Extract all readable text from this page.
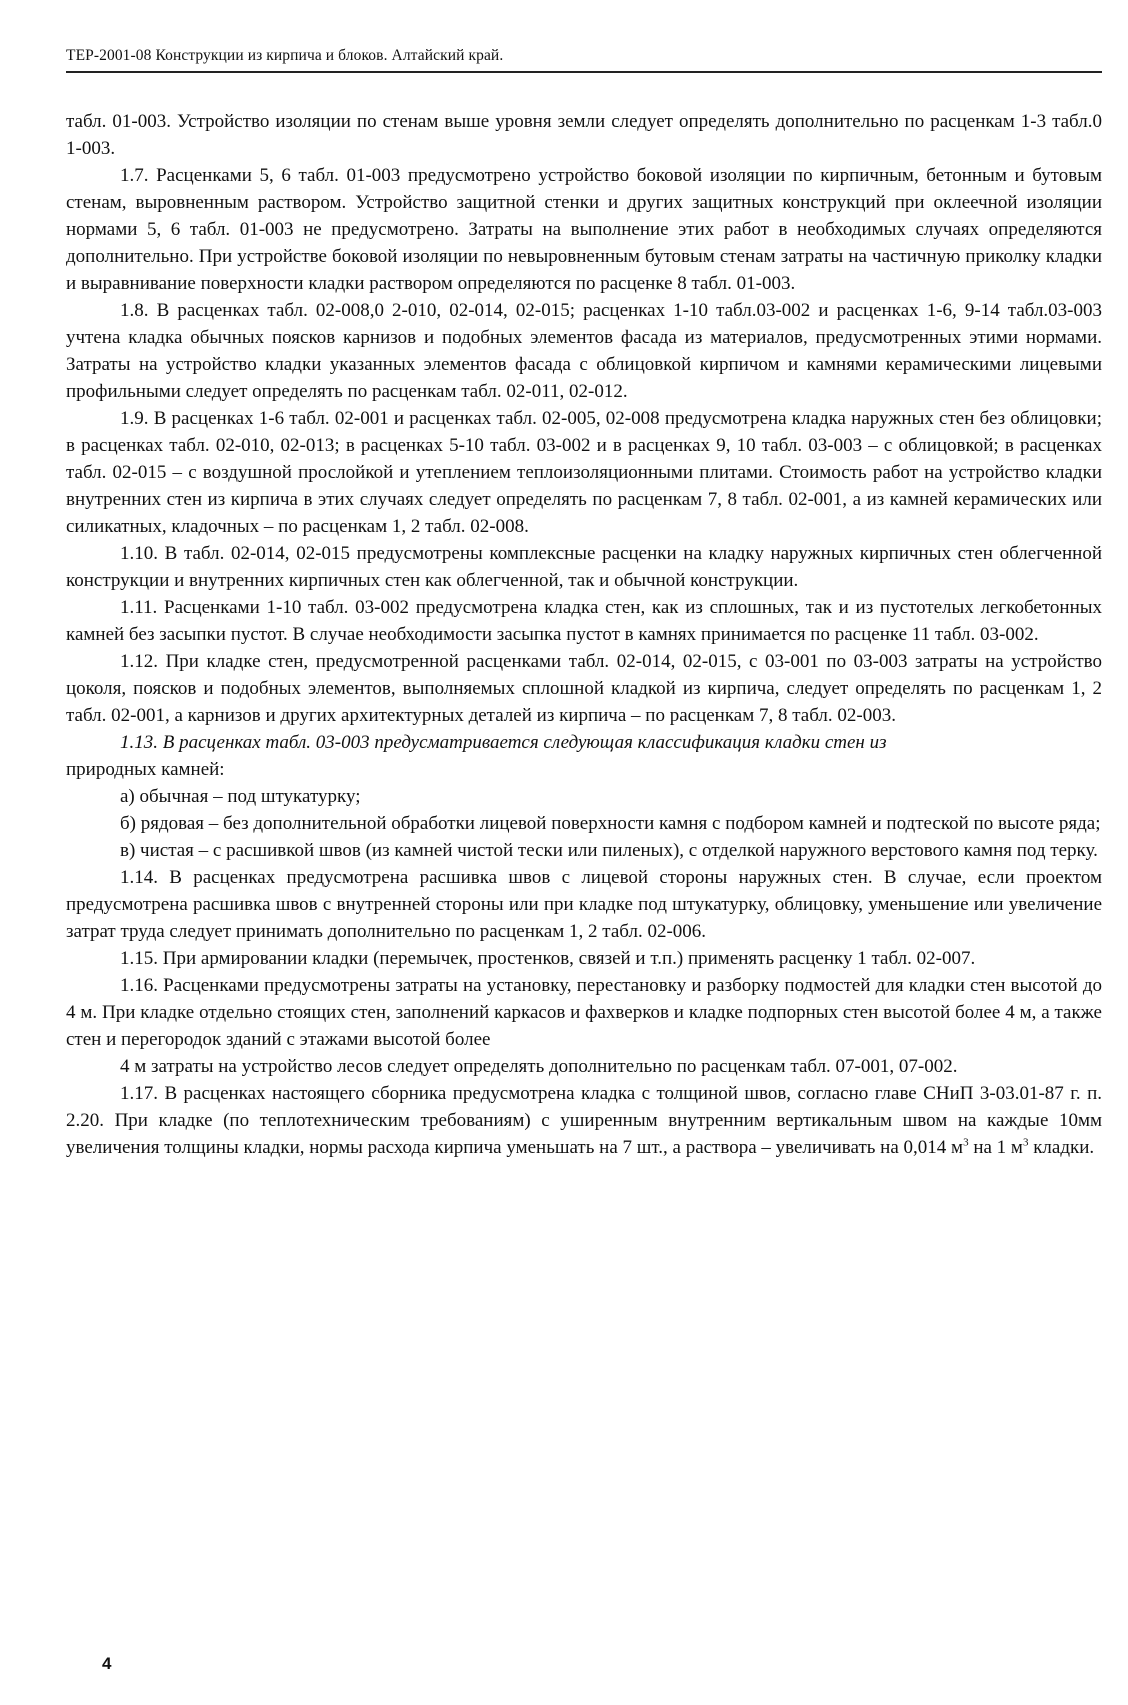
ТЕР-2001-08 Конструкции из кирпича и блоков. Алтайский край.

табл. 01-003. Устройство изоляции по стенам выше уровня земли следует определять дополнительно по расценкам 1-3 табл.0 1-003.

1.7. Расценками 5, 6 табл. 01-003 предусмотрено устройство боковой изоляции по кирпичным, бетонным и бутовым стенам, выровненным раствором. Устройство защитной стенки и других защитных конструкций при оклеечной изоляции нормами 5, 6 табл. 01-003 не предусмотрено. Затраты на выполнение этих работ в необходимых случаях определяются дополнительно. При устройстве боковой изоляции по невыровненным бутовым стенам затраты на частичную приколку кладки и выравнивание поверхности кладки раствором определяются по расценке 8 табл. 01-003.

1.8. В расценках табл. 02-008,0 2-010, 02-014, 02-015; расценках 1-10 табл.03-002 и расценках 1-6, 9-14 табл.03-003 учтена кладка обычных поясков карнизов и подобных элементов фасада из материалов, предусмотренных этими нормами. Затраты на устройство кладки указанных элементов фасада с облицовкой кирпичом и камнями керамическими лицевыми профильными следует определять по расценкам табл. 02-011, 02-012.

1.9. В расценках 1-6 табл. 02-001 и расценках табл. 02-005, 02-008 предусмотрена кладка наружных стен без облицовки; в расценках табл. 02-010, 02-013; в расценках 5-10 табл. 03-002 и в расценках 9, 10 табл. 03-003 – с облицовкой; в расценках табл. 02-015 – с воздушной прослойкой и утеплением теплоизоляционными плитами. Стоимость работ на устройство кладки внутренних стен из кирпича в этих случаях следует определять по расценкам 7, 8 табл. 02-001, а из камней керамических или силикатных, кладочных – по расценкам 1, 2 табл. 02-008.

1.10. В табл. 02-014, 02-015 предусмотрены комплексные расценки на кладку наружных кирпичных стен облегченной конструкции и внутренних кирпичных стен как облегченной, так и обычной конструкции.

1.11. Расценками 1-10 табл. 03-002 предусмотрена кладка стен, как из сплошных, так и из пустотелых легкобетонных камней без засыпки пустот. В случае необходимости засыпка пустот в камнях принимается по расценке 11 табл. 03-002.

1.12. При кладке стен, предусмотренной расценками табл. 02-014, 02-015, с 03-001 по 03-003 затраты на устройство цоколя, поясков и подобных элементов, выполняемых сплошной кладкой из кирпича, следует определять по расценкам 1, 2 табл. 02-001, а карнизов и других архитектурных деталей из кирпича – по расценкам 7, 8 табл. 02-003.

1.13. В расценках табл. 03-003 предусматривается следующая классификация кладки стен из

природных камней:

а) обычная – под штукатурку;

б) рядовая – без дополнительной обработки лицевой поверхности камня с подбором камней и подтеской по высоте ряда;

в) чистая – с расшивкой швов (из камней чистой тески или пиленых), с отделкой наружного верстового камня под терку.

1.14. В расценках предусмотрена расшивка швов с лицевой стороны наружных стен. В случае, если проектом предусмотрена расшивка швов с внутренней стороны или при кладке под штукатурку, облицовку, уменьшение или увеличение затрат труда следует принимать дополнительно по расценкам 1, 2 табл. 02-006.

1.15. При армировании кладки (перемычек, простенков, связей и т.п.) применять расценку 1 табл. 02-007.

1.16. Расценками предусмотрены затраты на установку, перестановку и разборку подмостей для кладки стен высотой до 4 м. При кладке отдельно стоящих стен, заполнений каркасов и фахверков и кладке подпорных стен высотой более 4 м, а также стен и перегородок зданий с этажами высотой более

4 м затраты на устройство лесов следует определять дополнительно по расценкам табл. 07-001, 07-002.

1.17. В расценках настоящего сборника предусмотрена кладка с толщиной швов, согласно главе СНиП 3-03.01-87 г. п. 2.20. При кладке (по теплотехническим требованиям) с уширенным внутренним вертикальным швом на каждые 10мм увеличения толщины кладки, нормы расхода кирпича уменьшать на 7 шт., а раствора – увеличивать на 0,014 $м^3$ на 1 $м^3$ кладки.

4
